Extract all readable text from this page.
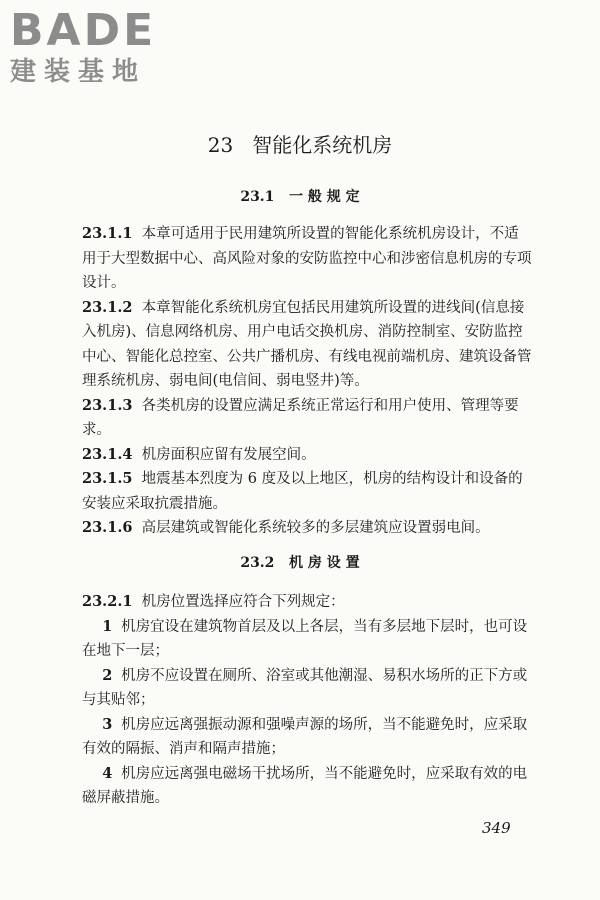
BADE
建装基地
23   智能化系统机房
23.1   一 般 规 定

23.1.1 本章可适用于民用建筑所设置的智能化系统机房设计，不适用于大型数据中心、高风险对象的安防监控中心和涉密信息机房的专项设计。

23.1.2 本章智能化系统机房宜包括民用建筑所设置的进线间(信息接入机房)、信息网络机房、用户电话交换机房、消防控制室、安防监控中心、智能化总控室、公共广播机房、有线电视前端机房、建筑设备管理系统机房、弱电间(电信间、弱电竖井)等。

23.1.3 各类机房的设置应满足系统正常运行和用户使用、管理等要求。

23.1.4 机房面积应留有发展空间。

23.1.5 地震基本烈度为 6 度及以上地区，机房的结构设计和设备的安装应采取抗震措施。

23.1.6 高层建筑或智能化系统较多的多层建筑应设置弱电间。

23.2   机 房 设 置

23.2.1 机房位置选择应符合下列规定：

1 机房宜设在建筑物首层及以上各层，当有多层地下层时，也可设在地下一层；

2 机房不应设置在厕所、浴室或其他潮湿、易积水场所的正下方或与其贴邻；

3 机房应远离强振动源和强噪声源的场所，当不能避免时，应采取有效的隔振、消声和隔声措施；

4 机房应远离强电磁场干扰场所，当不能避免时，应采取有效的电磁屏蔽措施。

349
